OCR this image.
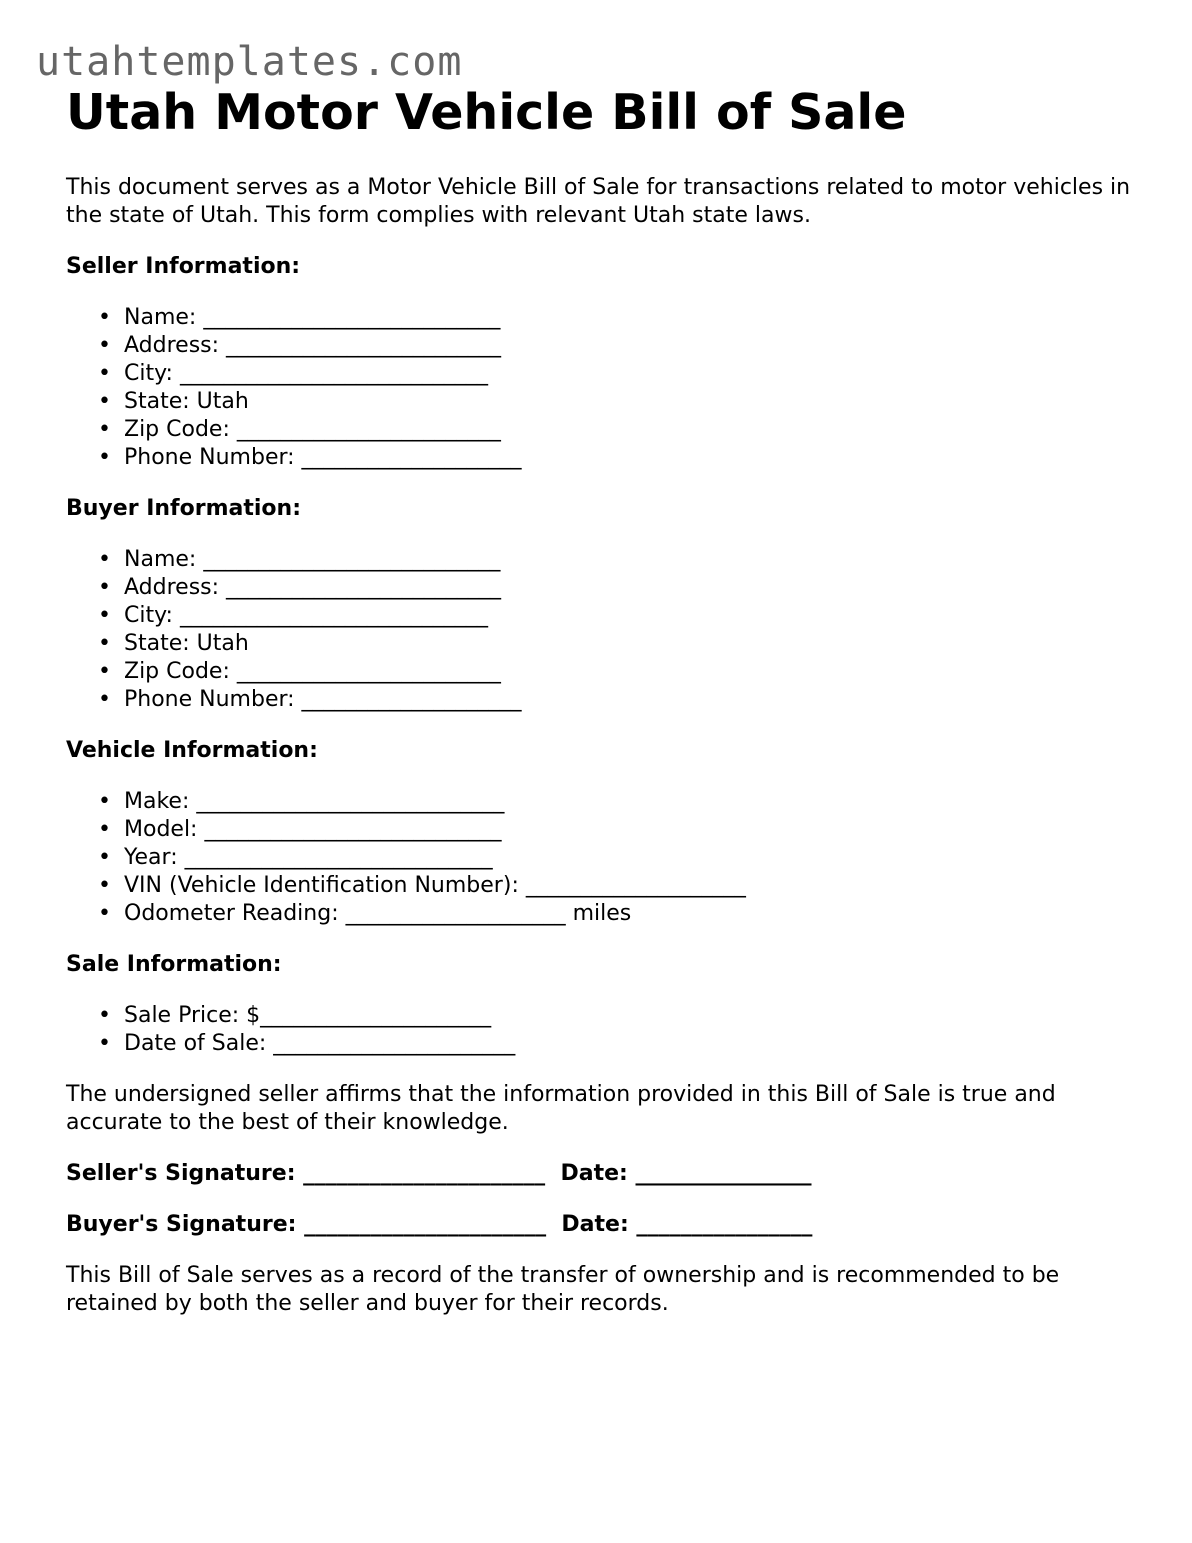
utahtemplates.com
Utah Motor Vehicle Bill of Sale

This document serves as a Motor Vehicle Bill of Sale for transactions related to motor vehicles in the state of Utah. This form complies with relevant Utah state laws.

Seller Information:
• Name: ___________________________
• Address: _________________________
• City: ____________________________
• State: Utah
• Zip Code: ________________________
• Phone Number: ____________________
Buyer Information:
• Name: ___________________________
• Address: _________________________
• City: ____________________________
• State: Utah
• Zip Code: ________________________
• Phone Number: ____________________
Vehicle Information:
• Make: ____________________________
• Model: ___________________________
• Year: ____________________________
• VIN (Vehicle Identification Number): ____________________
• Odometer Reading: ____________________ miles
Sale Information:
• Sale Price: $_____________________
• Date of Sale: ______________________

The undersigned seller affirms that the information provided in this Bill of Sale is true and accurate to the best of their knowledge.

Seller's Signature: ______________________  Date: ________________
Buyer's Signature: ______________________  Date: ________________

This Bill of Sale serves as a record of the transfer of ownership and is recommended to be retained by both the seller and buyer for their records.
